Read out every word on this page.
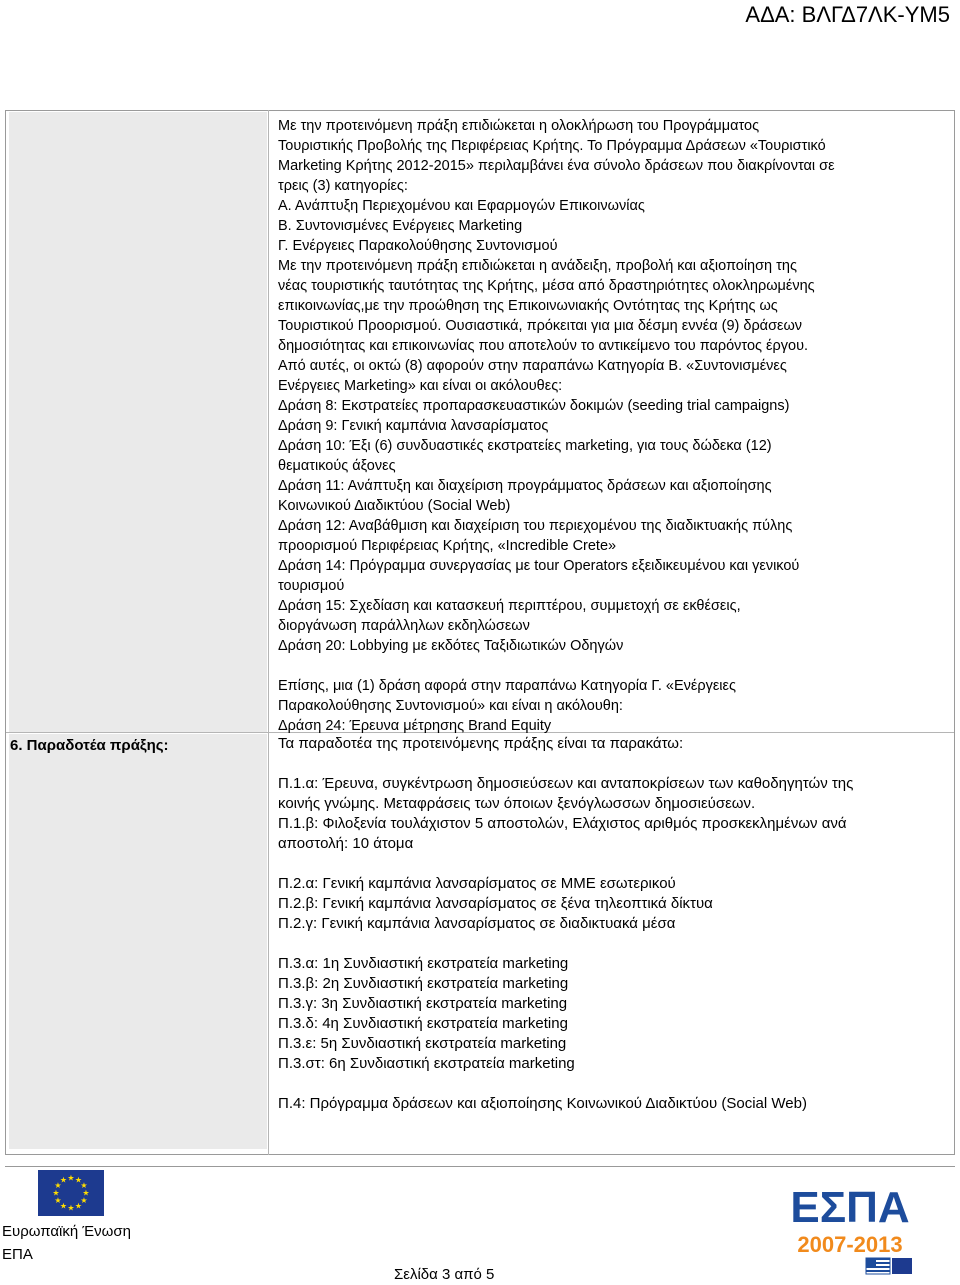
ΑΔΑ: ΒΛΓΔ7ΛΚ-ΥΜ5
6. Παραδοτέα πράξης:
Με την προτεινόμενη πράξη επιδιώκεται η ολοκλήρωση του Προγράμματος
Τουριστικής Προβολής της Περιφέρειας Κρήτης. Το Πρόγραμμα Δράσεων «Τουριστικό
Marketing Κρήτης 2012-2015» περιλαμβάνει ένα σύνολο δράσεων που διακρίνονται σε
τρεις (3) κατηγορίες:
Α. Ανάπτυξη Περιεχομένου και Εφαρμογών Επικοινωνίας
Β. Συντονισμένες Ενέργειες Marketing
Γ. Ενέργειες Παρακολούθησης Συντονισμού
Με την προτεινόμενη πράξη επιδιώκεται η ανάδειξη, προβολή και αξιοποίηση της
νέας τουριστικής ταυτότητας της Κρήτης, μέσα από δραστηριότητες ολοκληρωμένης
επικοινωνίας,με την προώθηση της Επικοινωνιακής Οντότητας της Κρήτης ως
Τουριστικού Προορισμού. Ουσιαστικά, πρόκειται για μια δέσμη εννέα (9) δράσεων
δημοσιότητας και επικοινωνίας που αποτελούν το αντικείμενο του παρόντος έργου.
Από αυτές, οι οκτώ (8) αφορούν στην παραπάνω Κατηγορία Β. «Συντονισμένες
Ενέργειες Marketing» και είναι οι ακόλουθες:
Δράση 8: Εκστρατείες προπαρασκευαστικών δοκιμών (seeding trial campaigns)
Δράση 9: Γενική καμπάνια λανσαρίσματος
Δράση 10: Έξι (6) συνδυαστικές εκστρατείες marketing, για τους δώδεκα (12)
θεματικούς άξονες
Δράση 11: Ανάπτυξη και διαχείριση προγράμματος δράσεων και αξιοποίησης
Κοινωνικού Διαδικτύου (Social Web)
Δράση 12: Αναβάθμιση και διαχείριση του περιεχομένου της διαδικτυακής πύλης
προορισμού Περιφέρειας Κρήτης, «Incredible Crete»
Δράση 14: Πρόγραμμα συνεργασίας με tour Operators εξειδικευμένου και γενικού
τουρισμού
Δράση 15: Σχεδίαση και κατασκευή περιπτέρου, συμμετοχή σε εκθέσεις,
διοργάνωση παράλληλων εκδηλώσεων
Δράση 20: Lobbying με εκδότες Ταξιδιωτικών Οδηγών
Επίσης, μια (1) δράση αφορά στην παραπάνω Κατηγορία Γ. «Ενέργειες
Παρακολούθησης Συντονισμού» και είναι η ακόλουθη:
Δράση 24: Έρευνα μέτρησης Brand Equity
Τα παραδοτέα της προτεινόμενης πράξης είναι τα παρακάτω:
Π.1.α: Έρευνα, συγκέντρωση δημοσιεύσεων και ανταποκρίσεων των καθοδηγητών της
κοινής γνώμης. Μεταφράσεις των όποιων ξενόγλωσσων δημοσιεύσεων.
Π.1.β: Φιλοξενία τουλάχιστον 5 αποστολών, Ελάχιστος αριθμός προσκεκλημένων ανά
αποστολή: 10 άτομα
Π.2.α: Γενική καμπάνια λανσαρίσματος σε ΜΜΕ εσωτερικού
Π.2.β: Γενική καμπάνια λανσαρίσματος σε ξένα τηλεοπτικά δίκτυα
Π.2.γ: Γενική καμπάνια λανσαρίσματος σε διαδικτυακά μέσα
Π.3.α: 1η Συνδιαστική εκστρατεία marketing
Π.3.β: 2η Συνδιαστική εκστρατεία marketing
Π.3.γ: 3η Συνδιαστική εκστρατεία marketing
Π.3.δ: 4η Συνδιαστική εκστρατεία marketing
Π.3.ε: 5η Συνδιαστική εκστρατεία marketing
Π.3.στ: 6η Συνδιαστική εκστρατεία marketing
Π.4: Πρόγραμμα δράσεων και αξιοποίησης Κοινωνικού Διαδικτύου (Social Web)
★
★
★
★
★
★
★
★
★ ★ ★
★
Ευρωπαϊκή Ένωση
ΕΠΑ
ΕΣΠΑ
2007-2013
Σελίδα 3 από 5
